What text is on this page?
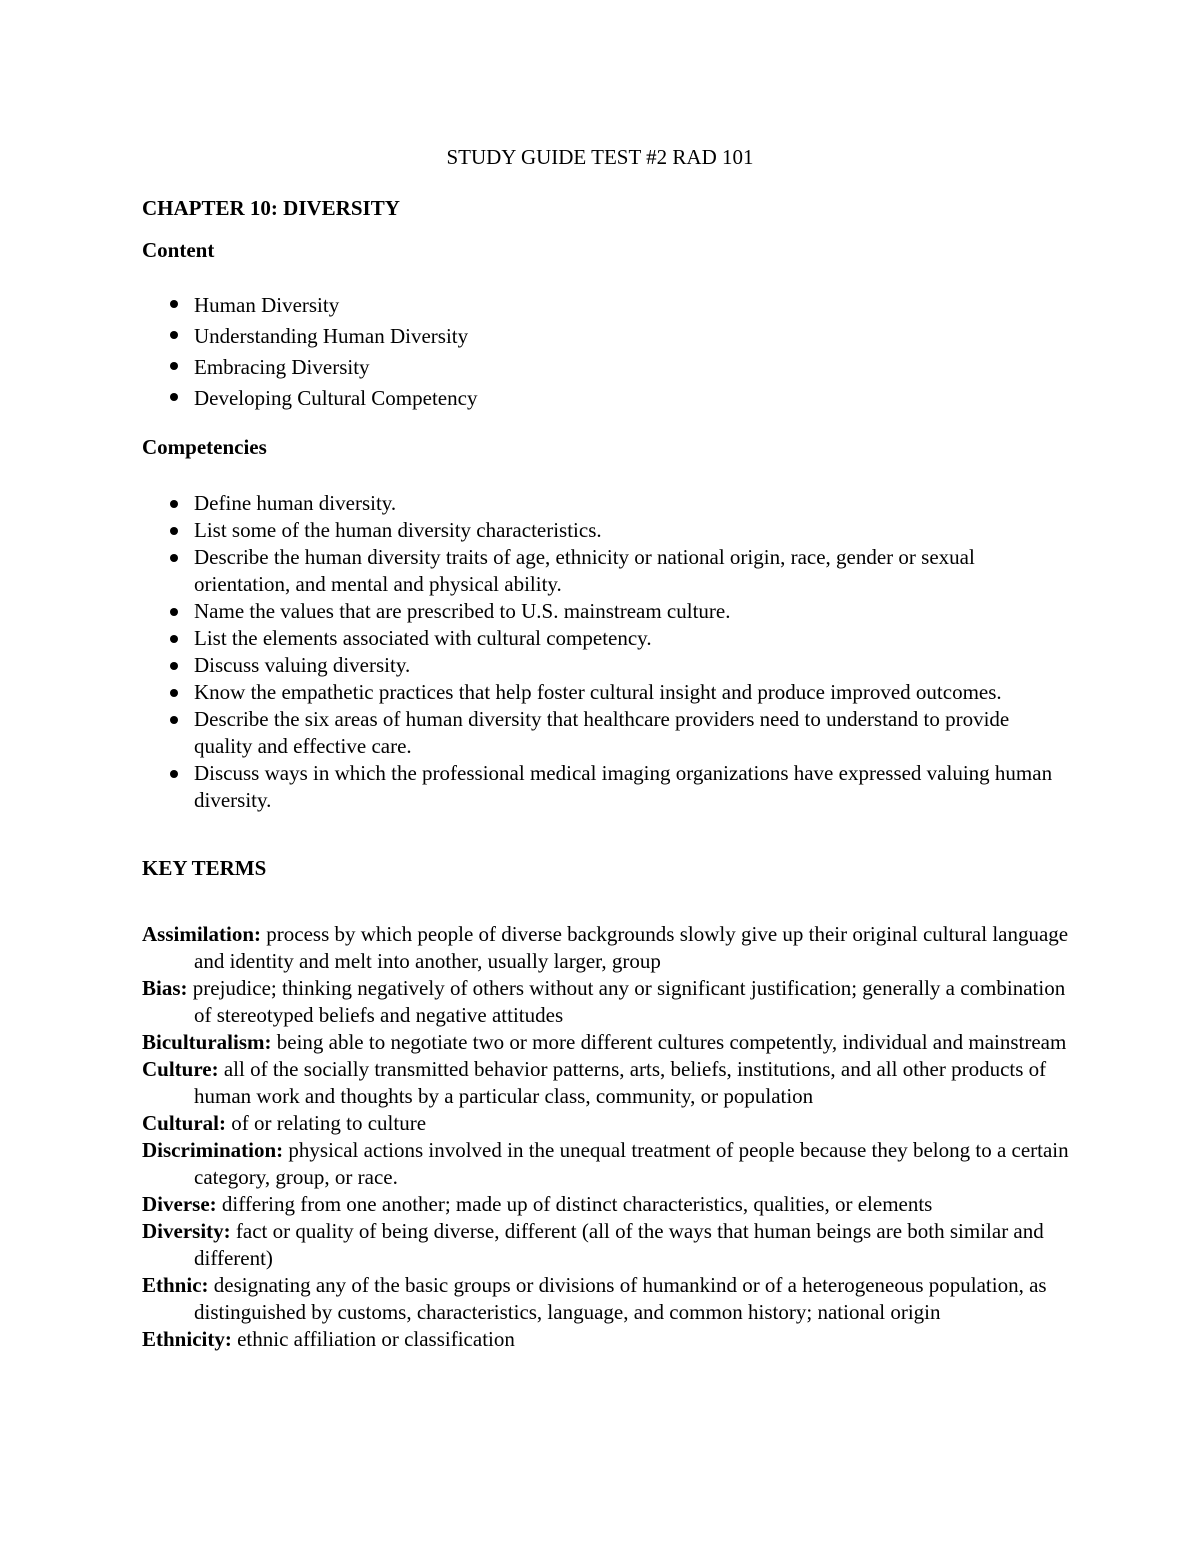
STUDY GUIDE TEST #2 RAD 101
CHAPTER 10: DIVERSITY
Content
Human Diversity
Understanding Human Diversity
Embracing Diversity
Developing Cultural Competency
Competencies
Define human diversity.
List some of the human diversity characteristics.
Describe the human diversity traits of age, ethnicity or national origin, race, gender or sexual orientation, and mental and physical ability.
Name the values that are prescribed to U.S. mainstream culture.
List the elements associated with cultural competency.
Discuss valuing diversity.
Know the empathetic practices that help foster cultural insight and produce improved outcomes.
Describe the six areas of human diversity that healthcare providers need to understand to provide quality and effective care.
Discuss ways in which the professional medical imaging organizations have expressed valuing human diversity.
KEY TERMS
Assimilation: process by which people of diverse backgrounds slowly give up their original cultural language and identity and melt into another, usually larger, group
Bias: prejudice; thinking negatively of others without any or significant justification; generally a combination of stereotyped beliefs and negative attitudes
Biculturalism: being able to negotiate two or more different cultures competently, individual and mainstream
Culture: all of the socially transmitted behavior patterns, arts, beliefs, institutions, and all other products of human work and thoughts by a particular class, community, or population
Cultural: of or relating to culture
Discrimination: physical actions involved in the unequal treatment of people because they belong to a certain category, group, or race.
Diverse: differing from one another; made up of distinct characteristics, qualities, or elements
Diversity: fact or quality of being diverse, different (all of the ways that human beings are both similar and different)
Ethnic: designating any of the basic groups or divisions of humankind or of a heterogeneous population, as distinguished by customs, characteristics, language, and common history; national origin
Ethnicity: ethnic affiliation or classification
